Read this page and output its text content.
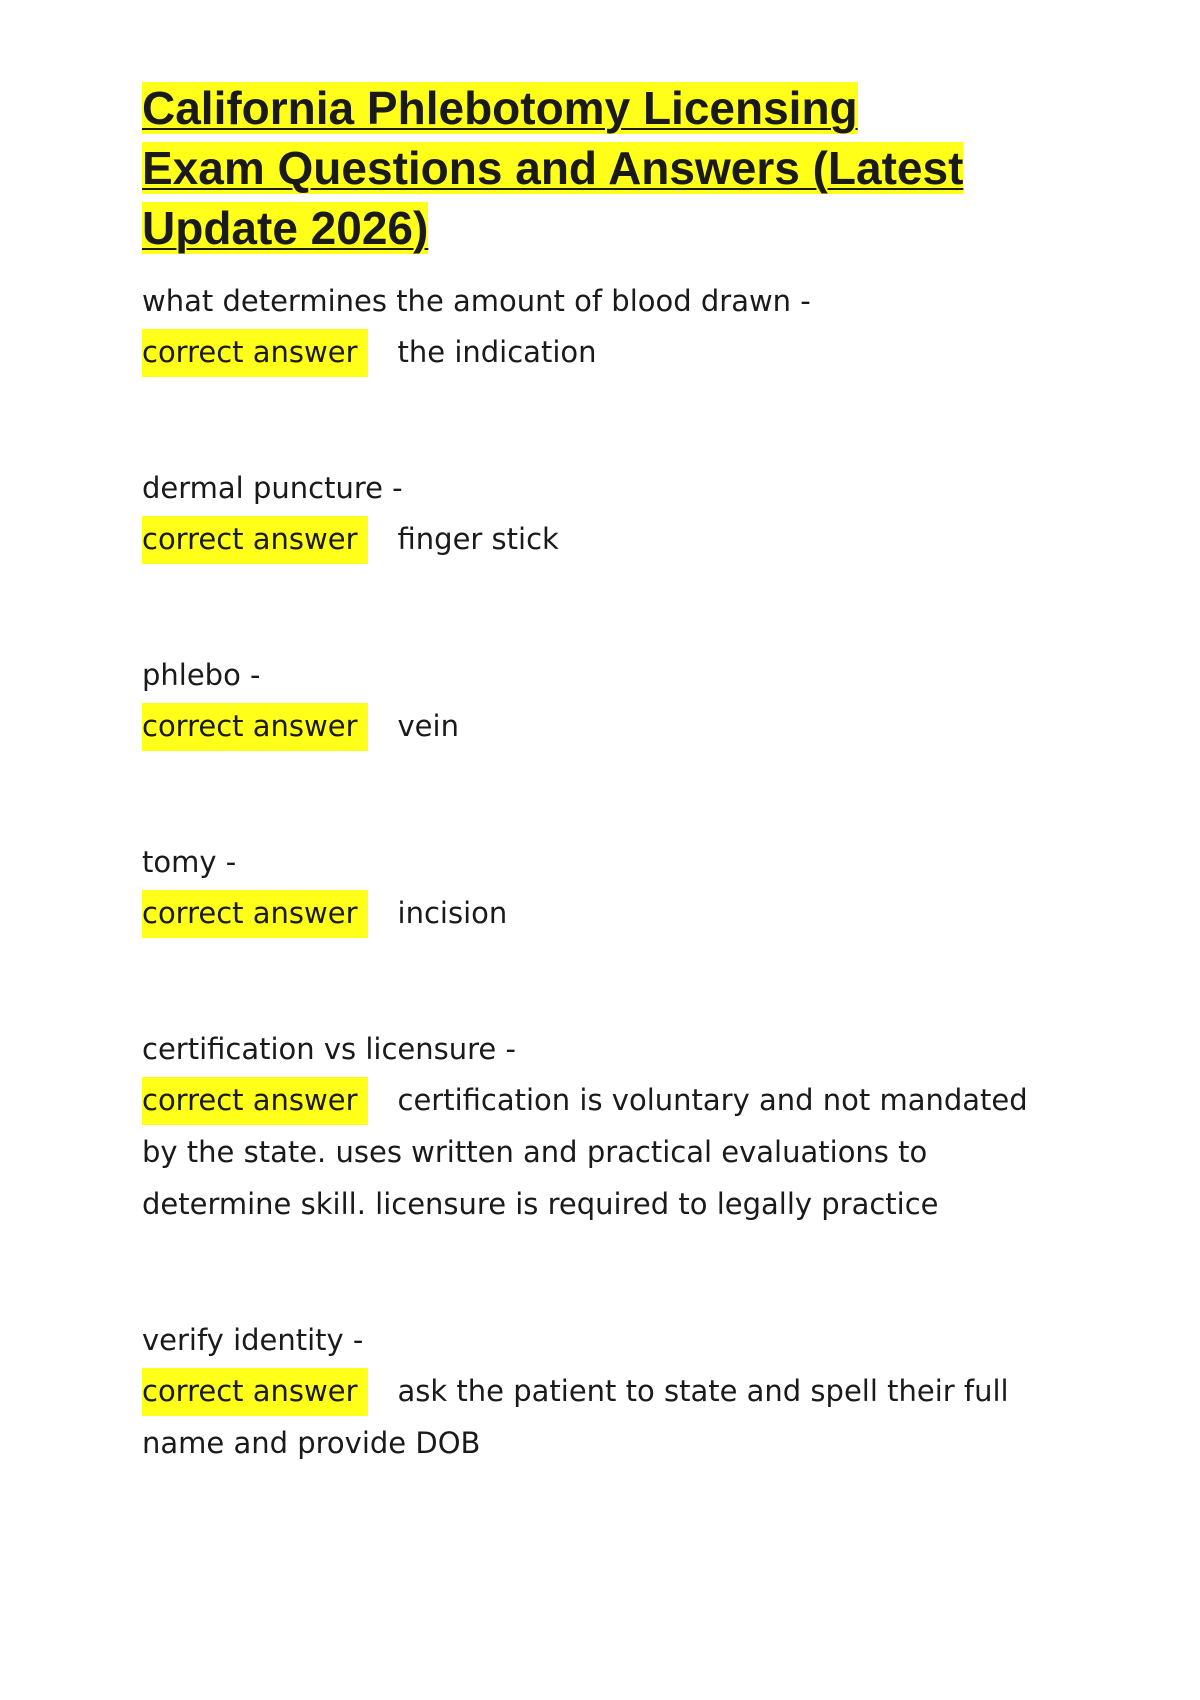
California Phlebotomy Licensing
Exam Questions and Answers (Latest
Update 2026)
what determines the amount of blood drawn -
correct answer the indication
dermal puncture -
correct answer finger stick
phlebo -
correct answer vein
tomy -
correct answer incision
certification vs licensure -
correct answer certification is voluntary and not mandated by the state. uses written and practical evaluations to determine skill. licensure is required to legally practice
verify identity -
correct answer ask the patient to state and spell their full name and provide DOB
